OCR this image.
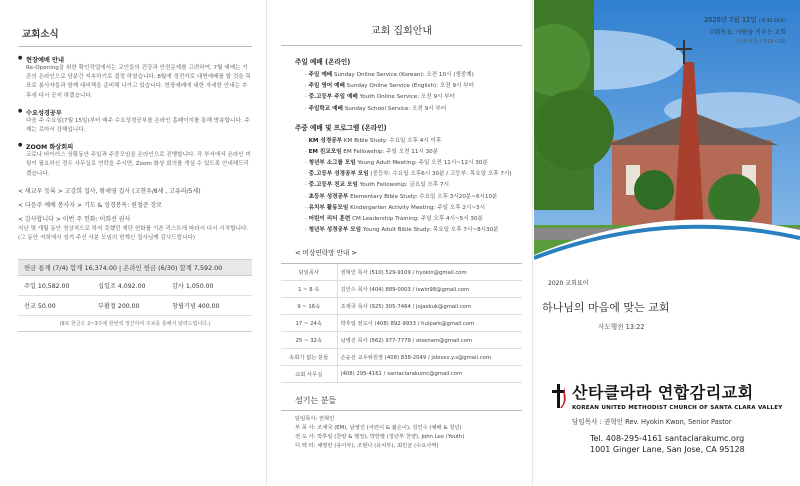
교회소식
● 현장예배 안내
Re-Opening을 위한 확인작업에서는 교인들의 건강과 안전문제를 고려하여, 7월 예배는 기존의 온라인으로 당분간 지속하기로 결정 하였습니다. 8월에 정전자로 대면예배를 할 것을 목표로 봉사자들과 함께 대비책을 준비해 나가고 있습니다. 현장예배에 대한 자세한 안내는 추후에 다시 공지 하겠습니다.
● 수요성경공부
다음 주 수요일(7월 15일)부터 매주 수요성경공부를 온라인 홈페이지를 통해 방송합니다. 주제는 로마서 강해입니다.
● ZOOM 화상회의
코로나 바이러스 상황동안 주일과 주중모임을 온라인으로 진행합니다. 각 부서에서 온라인 미팅이 필요하신 경우 사무실로 연락을 주시면, Zoom 화상 회의를 개설 수 있도록 안내해드리겠습니다.
< 새교우 등록 > 고강희 집사, 왕세영 집사 (고현우/8세 , 고유라/5세)
< 다음주 예배 봉사자 > 기도 & 성경봉독: 원철준 장로
< 감사합니다 > 이번 주 헌화: 이희선 권사
지난 몇 개월 동안 정상적으로 하지 못했던 재단 헌화를 기존 리스트에 따라서 다시 시작합니다. (그 동안 저희에서 섬겨 주신 사분 모임의 헌계신 집사님께 감사드립니다)
헌금 통계 (7/4) 합계 16,374.00 | 온라인 헌금 (6/30) 합계 7,592.00
주일 10,582.00	십일조 4,092.00	감사 1,050.00
선교 50.00	부활절 200.00	창립기념 400.00
(9또 헌금은 2~3주에 한번씩 정산하여 주보를 통해서 알려드립니다.)
교회 집회안내
주일 예배 (온라인)
· 주일 예배 Sunday Online Service (Korean): 오전 10시 (생중계)
· 주일 영어 예배 Sunday Online Service (English): 오전 9시 부터
· 중.고등부 주일 예배 Youth Online Service: 오전 9시 부터
· 주일학교 예배 Sunday School Service: 오전 9시 부터
주중 예배 및 프로그램 (온라인)
· KM 성경공부 KM Bible Study: 수요일 오후 4시 이후
· EM 친교모임 EM Fellowship: 주일 오전 11시 30분
· 청년부 소그룹 모임 Young Adult Meeting: 주일 오전 11시~12시 30분
· 중.고등부 성경공부 모임 (중등부: 수요일 오후6시 30분 / 고등부: 목요일 오후 7시)
· 중.고등부 친교 모임 Youth Fellowship: 금요일 오후 7시
· 초등부 성경공부 Elementary Bible Study: 수요일 오후 3시20분~6시10분
· 유치부 활동모임 Kindergarten Activity Meeting: 주일 오후 2시~3시
· 어린이 리더 훈련 CM Leadership Training: 주일 오후 4시~5시 30분
· 청년부 성경공부 모임 Young Adult Bible Study: 목요일 오후 7시~8시30분
< 비상연락망 안내 >
담임목사	권혁인 목사 (510) 529-9109 / hyokin@gmail.com
1 ~ 8 속	김인수 목사 (404) 889-0003 / iswin98@gmail.com
9 ~ 16속	조재국 목사 (925) 305-7464 / jojaekuk@gmail.com
17 ~ 24속	박후일 전도사 (408) 892-9933 / hulpark@gmail.com
25 ~ 32속	남영진 목사 (562) 977-7779 / otsenam@gmail.com
속회가 없는 분들	손윤선 교우위원장 (408) 838-2049 / jsloves.y.s@gmail.com
교회 사무실	(408) 295-4161 / santaclarakumc@gmail.com
섬기는 분들
담임목사: 권혁인
부 목 사: 조재국 (EM), 남영진 (어린이 & 젊은이), 김인수 (예배 & 청년)
전 도 사: 박후일 (찬양 & 행정), 박한별 (청년부 찬양), John Lee (Youth)
디 렉 터: 채영란 (유아부), 조현나 (유치부), 최민균 (수요사역)
2020년 7월 12일 (제 45-28호)
교회목표: 사람을 키우는 교회
(디모데후 2장19~20)
2020 교회표어
하나님의 마음에 맞는 교회
사도행전 13:22
산타클라라 연합감리교회
KOREAN UNITED METHODIST CHURCH OF SANTA CLARA VALLEY
담임목사 : 권혁인 Rev. Hyokin Kwon, Senior Pastor
Tel. 408-295-4161 santaclarakumc.org
1001 Ginger Lane, San Jose, CA 95128
